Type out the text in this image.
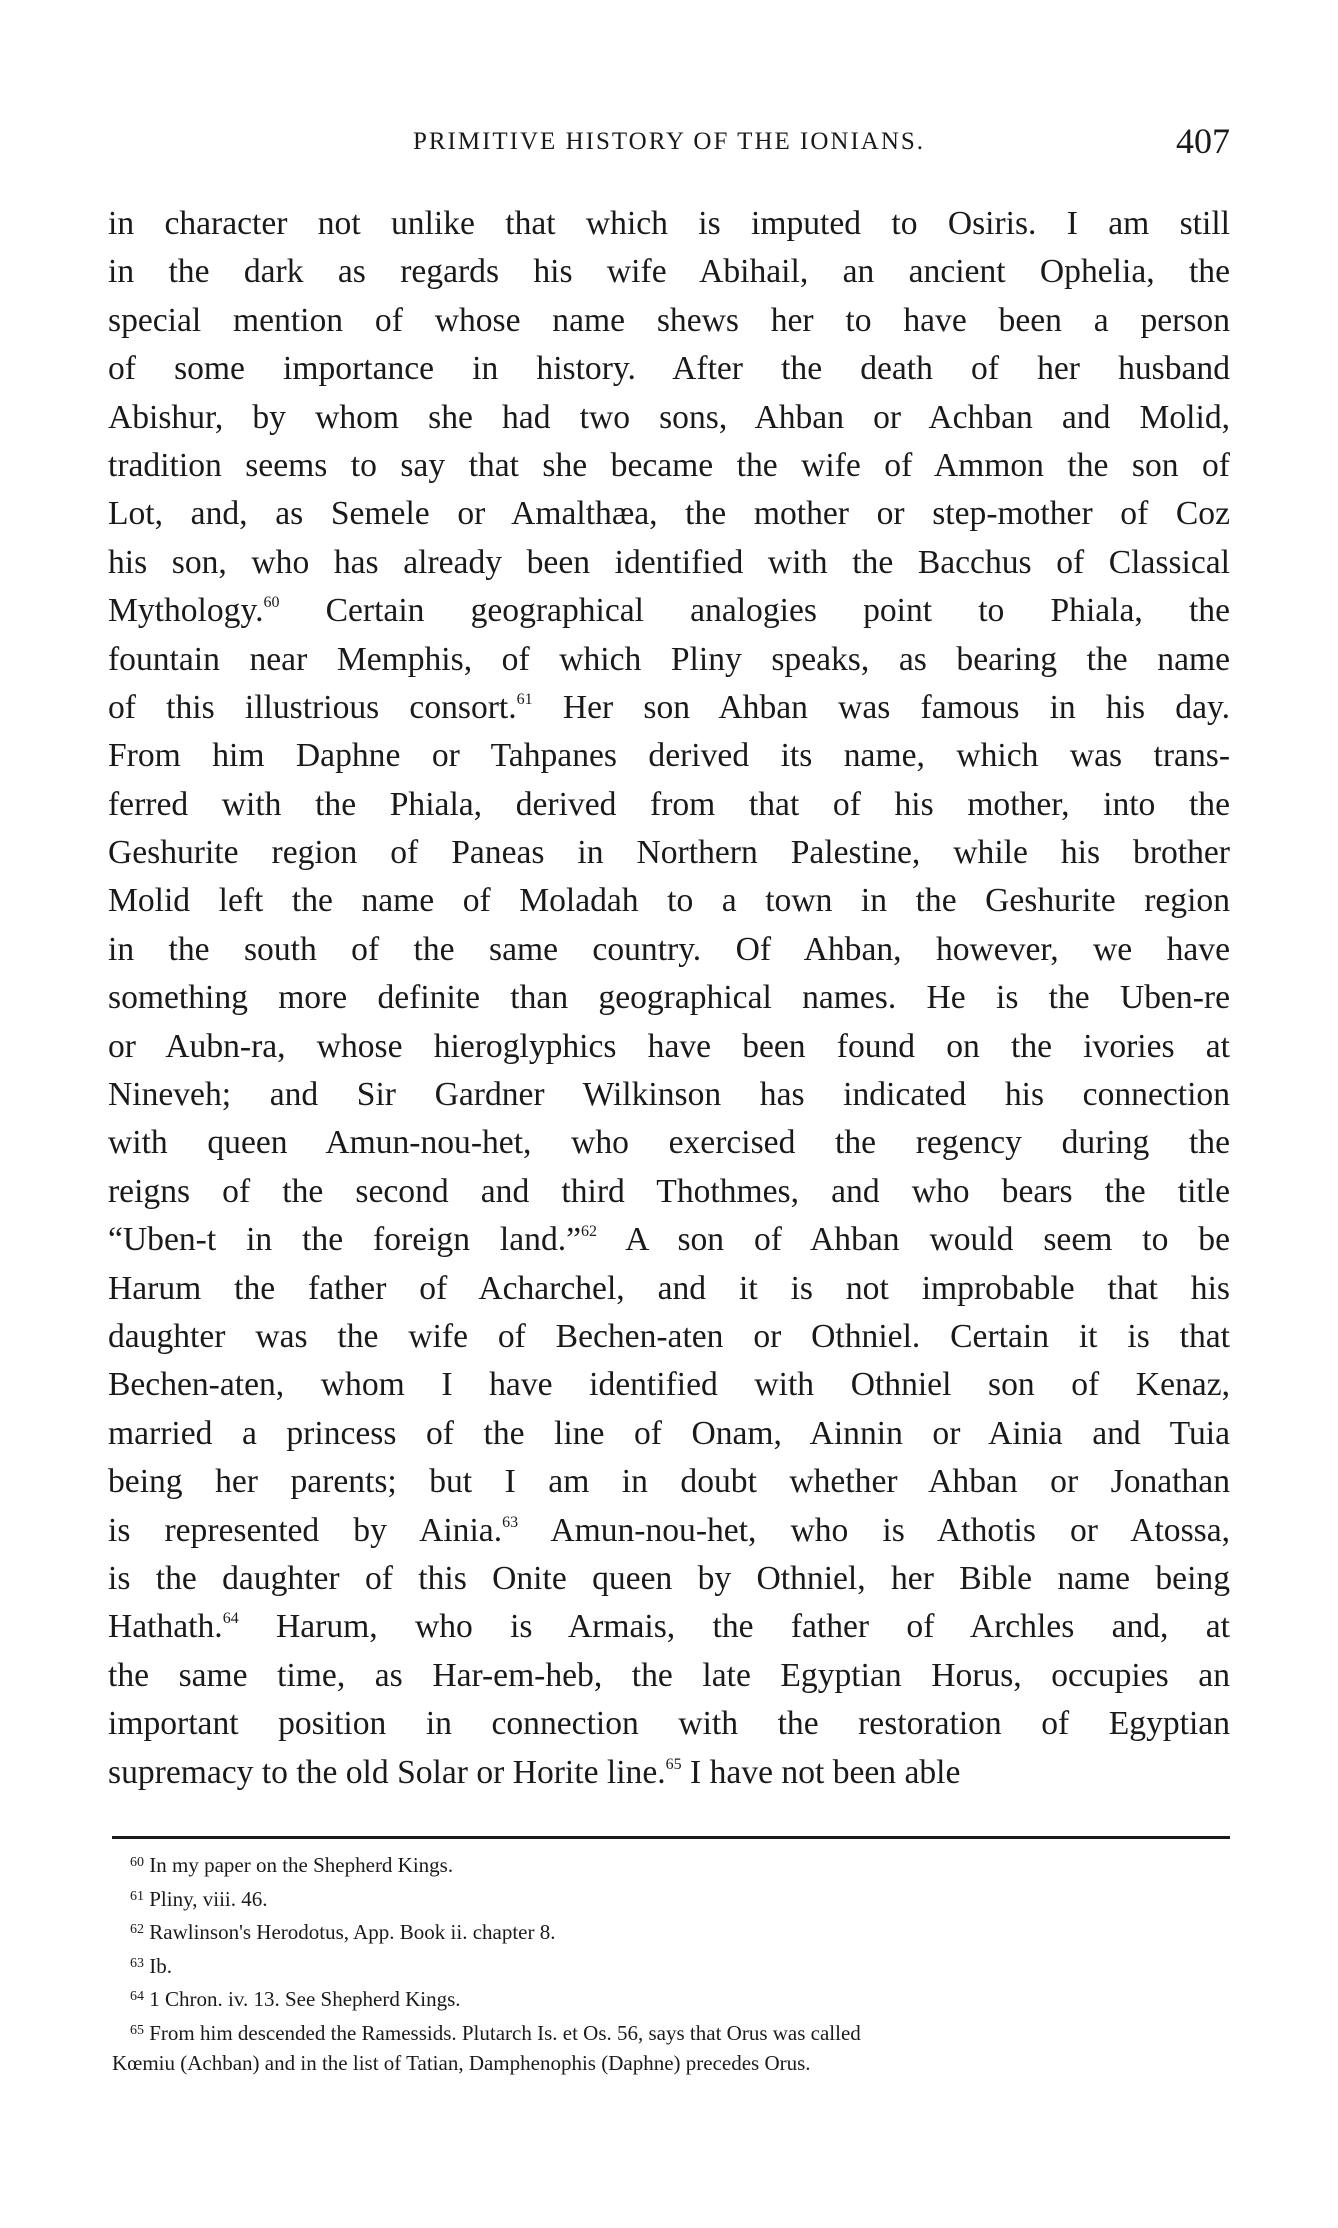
PRIMITIVE HISTORY OF THE IONIANS.	407
in character not unlike that which is imputed to Osiris. I am still
in the dark as regards his wife Abihail, an ancient Ophelia, the
special mention of whose name shews her to have been a person
of some importance in history. After the death of her husband
Abishur, by whom she had two sons, Ahban or Achban and Molid,
tradition seems to say that she became the wife of Ammon the son of
Lot, and, as Semele or Amalthæa, the mother or step-mother of Coz
his son, who has already been identified with the Bacchus of Classical
Mythology.$^{60}$ Certain geographical analogies point to Phiala, the
fountain near Memphis, of which Pliny speaks, as bearing the name
of this illustrious consort.$^{61}$ Her son Ahban was famous in his day.
From him Daphne or Tahpanes derived its name, which was trans-
ferred with the Phiala, derived from that of his mother, into the
Geshurite region of Paneas in Northern Palestine, while his brother
Molid left the name of Moladah to a town in the Geshurite region
in the south of the same country. Of Ahban, however, we have
something more definite than geographical names. He is the Uben-re
or Aubn-ra, whose hieroglyphics have been found on the ivories at
Nineveh; and Sir Gardner Wilkinson has indicated his connection
with queen Amun-nou-het, who exercised the regency during the
reigns of the second and third Thothmes, and who bears the title
“Uben-t in the foreign land.”$^{62}$ A son of Ahban would seem to be
Harum the father of Acharchel, and it is not improbable that his
daughter was the wife of Bechen-aten or Othniel. Certain it is that
Bechen-aten, whom I have identified with Othniel son of Kenaz,
married a princess of the line of Onam, Ainnin or Ainia and Tuia
being her parents; but I am in doubt whether Ahban or Jonathan
is represented by Ainia.$^{63}$ Amun-nou-het, who is Athotis or Atossa,
is the daughter of this Onite queen by Othniel, her Bible name being
Hathath.$^{64}$ Harum, who is Armais, the father of Archles and, at
the same time, as Har-em-heb, the late Egyptian Horus, occupies an
important position in connection with the restoration of Egyptian
supremacy to the old Solar or Horite line.$^{65}$ I have not been able
$^{60}$ In my paper on the Shepherd Kings.
$^{61}$ Pliny, viii. 46.
$^{62}$ Rawlinson's Herodotus, App. Book ii. chapter 8.
$^{63}$ Ib.
$^{64}$ 1 Chron. iv. 13. See Shepherd Kings.
$^{65}$ From him descended the Ramessids. Plutarch Is. et Os. 56, says that Orus was called
Kœmiu (Achban) and in the list of Tatian, Damphenophis (Daphne) precedes Orus.
